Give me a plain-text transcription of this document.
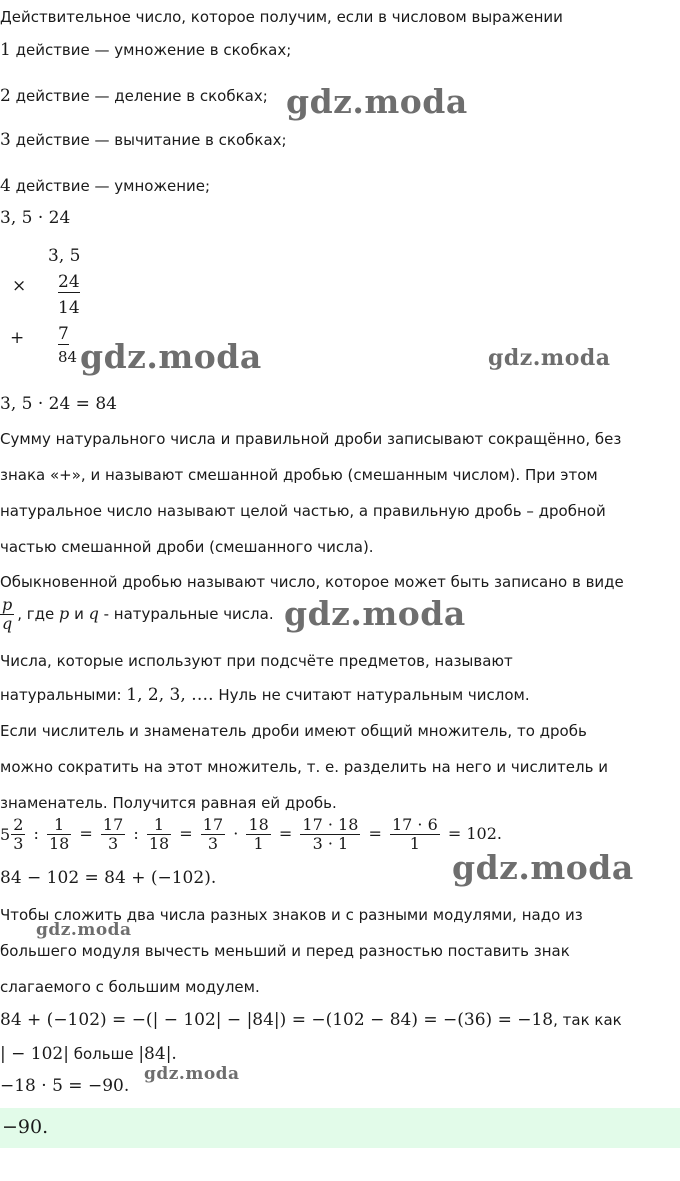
Действительное число, которое получим, если в числовом выражении
1 действие — умножение в скобках;
2 действие — деление в скобках;
3 действие — вычитание в скобках;
4 действие — умножение;
3, 5 · 24
3, 5
× 24
14
+ 7
84
3, 5 · 24 = 84
Сумму натурального числа и правильной дроби записывают сокращённо, без
знака «+», и называют смешанной дробью (смешанным числом). При этом
натуральное число называют целой частью, а правильную дробь – дробной
частью смешанной дроби (смешанного числа).
Обыкновенной дробью называют число, которое может быть записано в виде
$\frac{p}{q}$ , где p и q - натуральные числа.
Числа, которые используют при подсчёте предметов, называют
натуральными: 1, 2, 3, …. Нуль не считают натуральным числом.
Если числитель и знаменатель дроби имеют общий множитель, то дробь
можно сократить на этот множитель, т. е. разделить на него и числитель и
знаменатель. Получится равная ей дробь.
$5 \frac{2}{3}$ : $\frac{1}{18} = \frac{17}{3}$ : $\frac{1}{18} = \frac{17}{3} \cdot \frac{18}{1} = \frac{17 \cdot 18}{3 \cdot 1} = \frac{17 \cdot 6}{1} = 102$.
84 − 102 = 84 + (−102).
Чтобы сложить два числа разных знаков и с разными модулями, надо из
большего модуля вычесть меньший и перед разностью поставить знак
слагаемого с большим модулем.
84 + (−102) = −(| − 102| − |84|) = −(102 − 84) = −(36) = −18, так как
| − 102| больше |84|.
−18 · 5 = −90.
−90.
gdz.moda
gdz.moda	gdz.moda
gdz.moda
gdz.moda
gdz.moda
gdz.moda
